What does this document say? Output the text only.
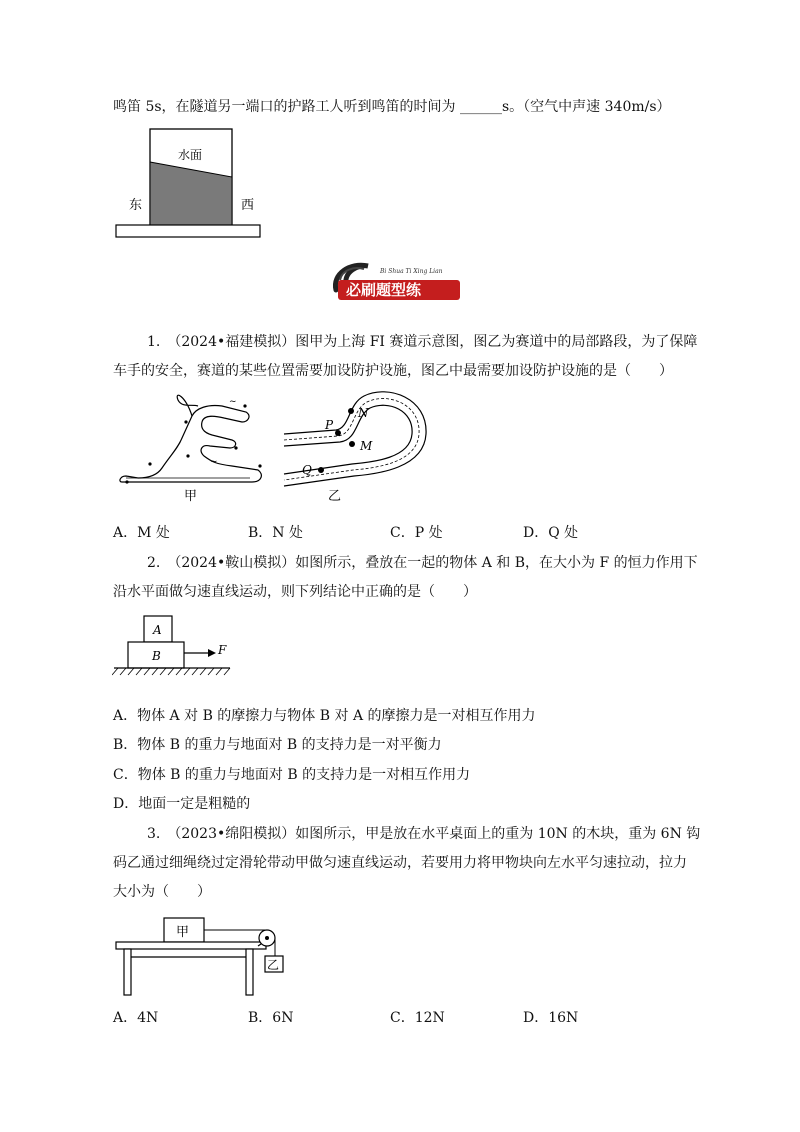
鸣笛 5s，在隧道另一端口的护路工人听到鸣笛的时间为 ______s。（空气中声速 340m/s）
水面
东	西
必刷题型练
Bi Shua Ti Xing Lian
1.　（2024•福建模拟）图甲为上海 FI 赛道示意图，图乙为赛道中的局部路段，为了保障
车手的安全，赛道的某些位置需要加设防护设施，图乙中最需要加设防护设施的是（　　）
~
~
甲
P
N
M
Q
乙
A．M 处	B．N 处	C．P 处	D．Q 处
2.　（2024•鞍山模拟）如图所示，叠放在一起的物体 A 和 B，在大小为 F 的恒力作用下
沿水平面做匀速直线运动，则下列结论中正确的是（　　）
A
B	F
A．物体 A 对 B 的摩擦力与物体 B 对 A 的摩擦力是一对相互作用力
B．物体 B 的重力与地面对 B 的支持力是一对平衡力
C．物体 B 的重力与地面对 B 的支持力是一对相互作用力
D．地面一定是粗糙的
3.　（2023•绵阳模拟）如图所示，甲是放在水平桌面上的重为 10N 的木块，重为 6N 钩
码乙通过细绳绕过定滑轮带动甲做匀速直线运动，若要用力将甲物块向左水平匀速拉动，拉力
大小为（　　）
甲
乙
A．4N	B．6N	C．12N	D．16N
